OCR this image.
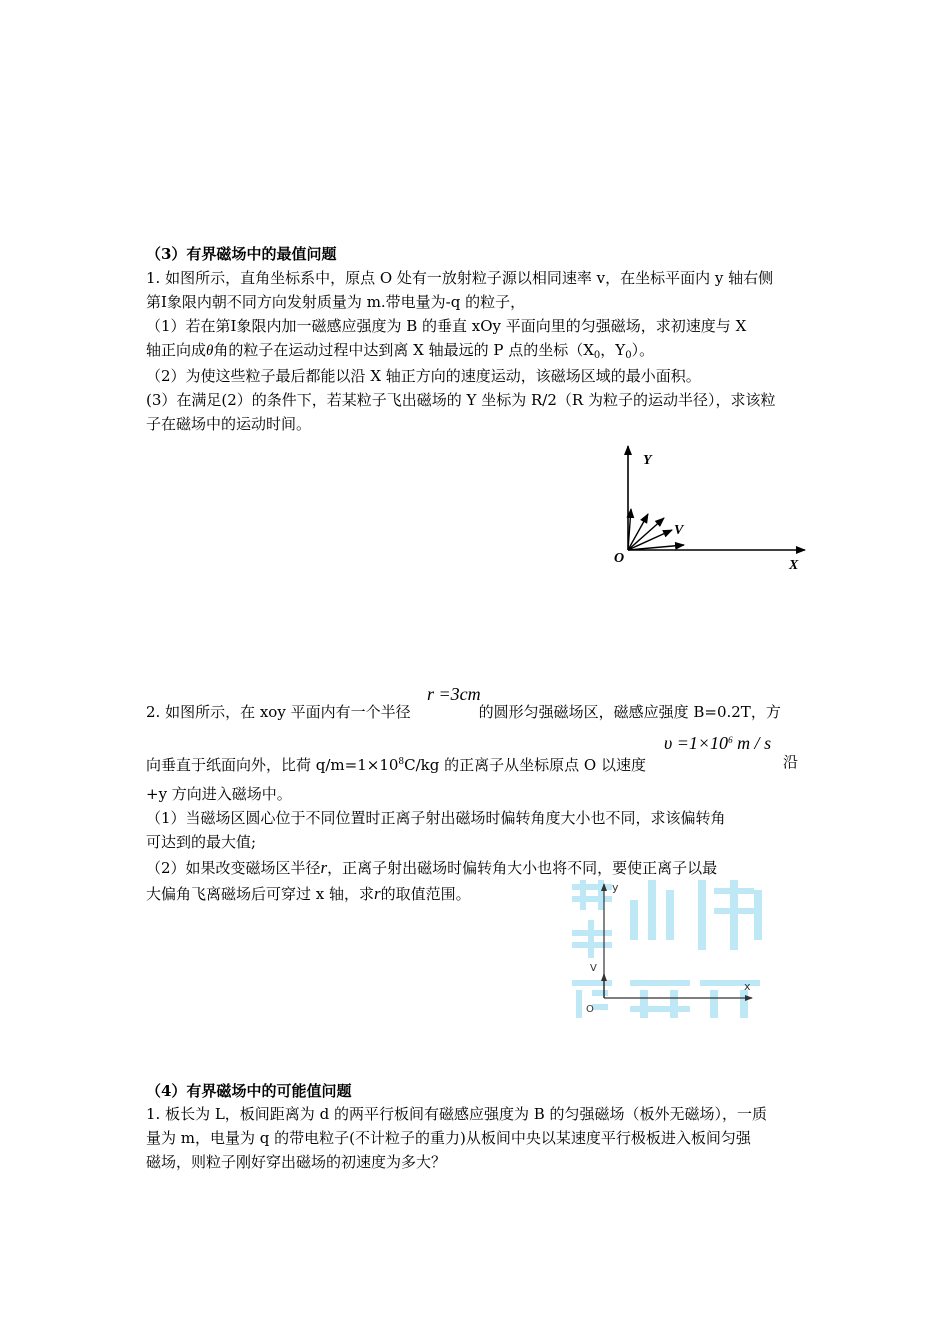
（3）有界磁场中的最值问题
1. 如图所示，直角坐标系中，原点 O 处有一放射粒子源以相同速率 v，在坐标平面内 y 轴右侧
第Ⅰ象限内朝不同方向发射质量为 m.带电量为-q 的粒子，
（1）若在第Ⅰ象限内加一磁感应强度为 B 的垂直 xOy 平面向里的匀强磁场，求初速度与 X
轴正向成θ角的粒子在运动过程中达到离 X 轴最远的 P 点的坐标（$X_0$，$Y_0$）。
（2）为使这些粒子最后都能以沿 X 轴正方向的速度运动，该磁场区域的最小面积。
(3）在满足(2）的条件下，若某粒子飞出磁场的 Y 坐标为 R/2（R 为粒子的运动半径），求该粒
子在磁场中的运动时间。
Y
V
O	X
r =3cm
2. 如图所示，在 xoy 平面内有一个半径	的圆形匀强磁场区，磁感应强度 B=0.2T，方
$\upsilon =1\times 10^6$ m / s
向垂直于纸面向外，比荷 $q/m=1\times 10^8C/kg$ 的正离子从坐标原点 O 以速度	沿
+y 方向进入磁场中。
（1）当磁场区圆心位于不同位置时正离子射出磁场时偏转角度大小也不同，求该偏转角
可达到的最大值;
（2）如果改变磁场区半径r，正离子射出磁场时偏转角大小也将不同，要使正离子以最
大偏角飞离磁场后可穿过 x 轴，求r的取值范围。	y
V
x
O
（4）有界磁场中的可能值问题
1. 板长为 L，板间距离为 d 的两平行板间有磁感应强度为 B 的匀强磁场（板外无磁场），一质
量为 m，电量为 q 的带电粒子(不计粒子的重力)从板间中央以某速度平行极板进入板间匀强
磁场，则粒子刚好穿出磁场的初速度为多大？
